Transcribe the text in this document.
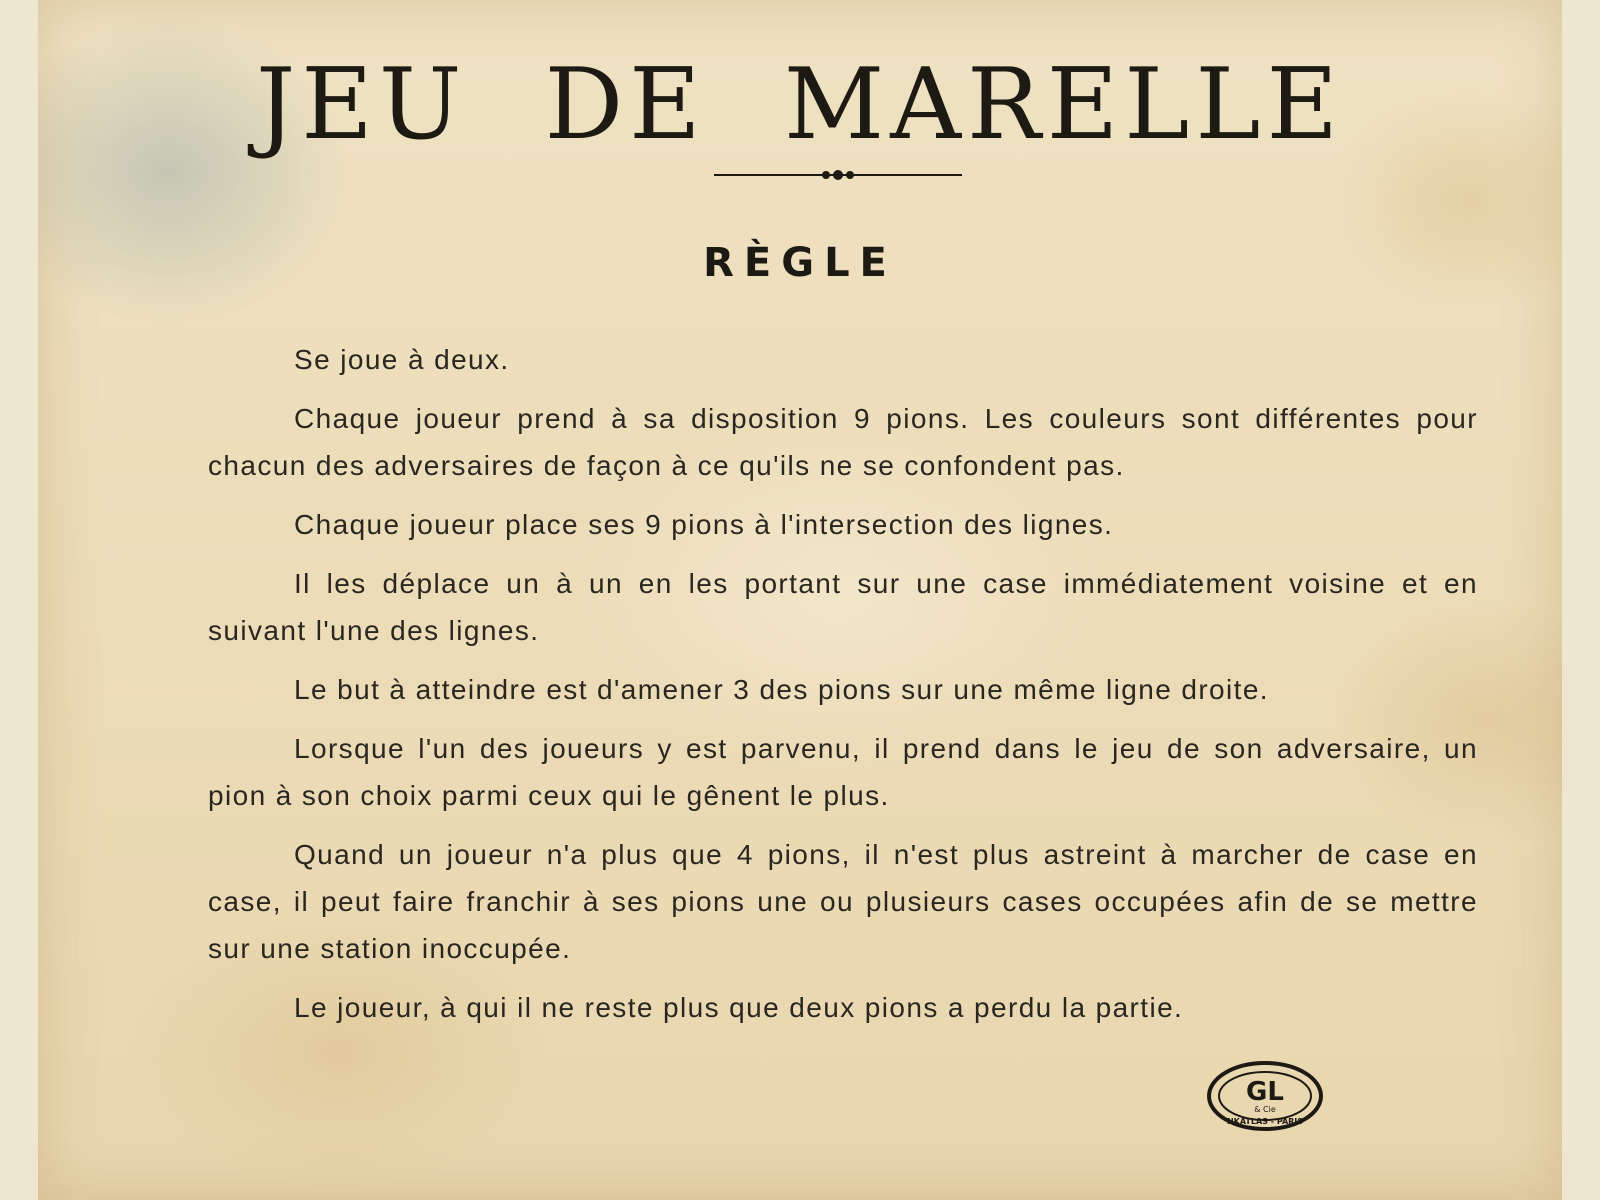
JEU DE MARELLE
RÈGLE

Se joue à deux.

Chaque joueur prend à sa disposition 9 pions. Les couleurs sont différentes pour chacun des adversaires de façon à ce qu'ils ne se confondent pas.

Chaque joueur place ses 9 pions à l'intersection des lignes.

Il les déplace un à un en les portant sur une case immédiatement voisine et en suivant l'une des lignes.

Le but à atteindre est d'amener 3 des pions sur une même ligne droite.

Lorsque l'un des joueurs y est parvenu, il prend dans le jeu de son adversaire, un pion à son choix parmi ceux qui le gênent le plus.

Quand un joueur n'a plus que 4 pions, il n'est plus astreint à marcher de case en case, il peut faire franchir à ses pions une ou plusieurs cases occupées afin de se mettre sur une station inoccupée.

Le joueur, à qui il ne reste plus que deux pions a perdu la partie.

GL
& Cie
NKATLAS - PARIS
